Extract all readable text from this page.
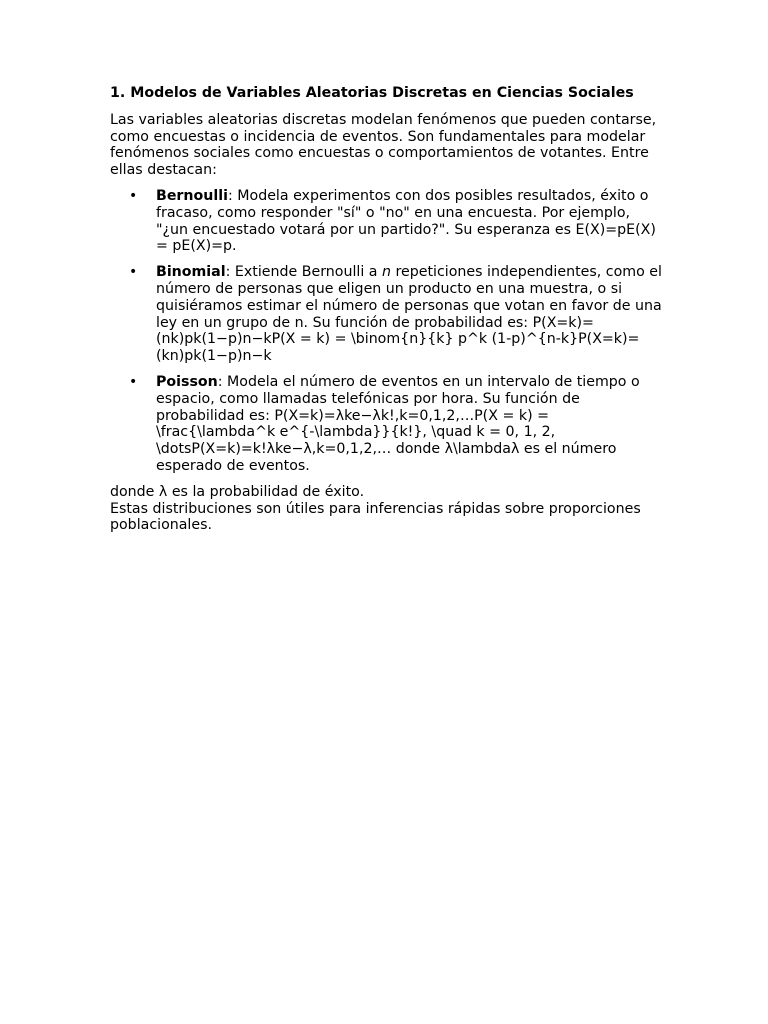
1. Modelos de Variables Aleatorias Discretas en Ciencias Sociales

Las variables aleatorias discretas modelan fenómenos que pueden contarse, como encuestas o incidencia de eventos. Son fundamentales para modelar fenómenos sociales como encuestas o comportamientos de votantes. Entre ellas destacan:

• Bernoulli: Modela experimentos con dos posibles resultados, éxito o fracaso, como responder "sí" o "no" en una encuesta. Por ejemplo, "¿un encuestado votará por un partido?". Su esperanza es E(X)=pE(X) = pE(X)=p.
• Binomial: Extiende Bernoulli a n repeticiones independientes, como el número de personas que eligen un producto en una muestra, o si quisiéramos estimar el número de personas que votan en favor de una ley en un grupo de n. Su función de probabilidad es: P(X=k)=(nk)pk(1−p)n−kP(X = k) = \binom{n}{k} p^k (1-p)^{n-k}P(X=k)=(kn)pk(1−p)n−k
• Poisson: Modela el número de eventos en un intervalo de tiempo o espacio, como llamadas telefónicas por hora. Su función de probabilidad es: P(X=k)=λke−λk!,k=0,1,2,…P(X = k) = \frac{\lambda^k e^{-\lambda}}{k!}, \quad k = 0, 1, 2, \dotsP(X=k)=k!λke−λ,k=0,1,2,… donde λ\lambdaλ es el número esperado de eventos.

donde λ es la probabilidad de éxito.

Estas distribuciones son útiles para inferencias rápidas sobre proporciones poblacionales.
